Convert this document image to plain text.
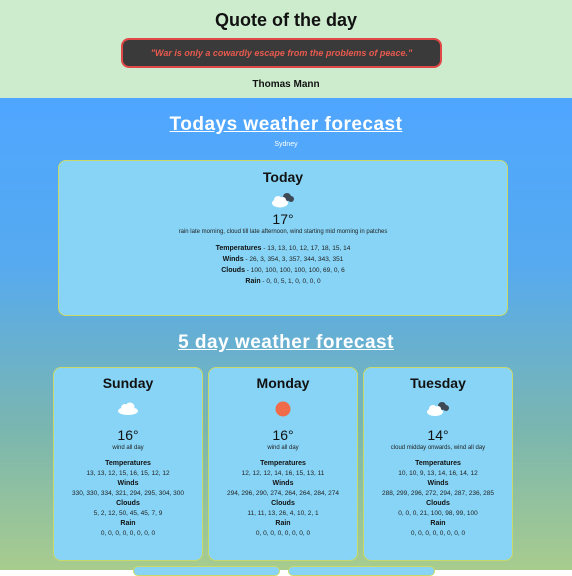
Quote of the day
"War is only a cowardly escape from the problems of peace."
Thomas Mann
Todays weather forecast
Sydney
Today
17°
rain late morning, cloud till late afternoon, wind starting mid morning in patches
Temperatures - 13, 13, 10, 12, 17, 18, 15, 14
Winds - 26, 3, 354, 3, 357, 344, 343, 351
Clouds - 100, 100, 100, 100, 100, 69, 0, 6
Rain - 0, 0, 5, 1, 0, 0, 0, 0
5 day weather forecast
Sunday
16°
wind all day
Temperatures
13, 13, 12, 15, 16, 15, 12, 12
Winds
330, 330, 334, 321, 294, 295, 304, 300
Clouds
5, 2, 12, 50, 45, 45, 7, 9
Rain
0, 0, 0, 0, 0, 0, 0, 0
Monday
16°
wind all day
Temperatures
12, 12, 12, 14, 16, 15, 13, 11
Winds
294, 296, 290, 274, 264, 264, 284, 274
Clouds
11, 11, 13, 26, 4, 10, 2, 1
Rain
0, 0, 0, 0, 0, 0, 0, 0
Tuesday
14°
cloud midday onwards, wind all day
Temperatures
10, 10, 9, 13, 14, 16, 14, 12
Winds
288, 299, 296, 272, 294, 287, 236, 285
Clouds
0, 0, 0, 21, 100, 98, 99, 100
Rain
0, 0, 0, 0, 0, 0, 0, 0
